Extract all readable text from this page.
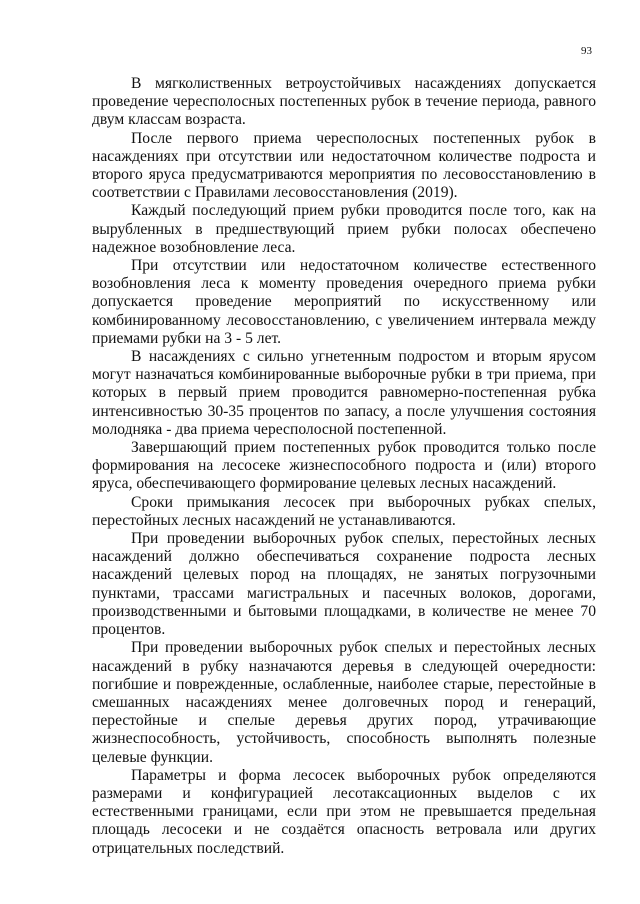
93

В мягколиственных ветроустойчивых насаждениях допускается проведение чересполосных постепенных рубок в течение периода, равного двум классам возраста.

После первого приема чересполосных постепенных рубок в насаждениях при отсутствии или недостаточном количестве подроста и второго яруса предусматриваются мероприятия по лесовосстановлению в соответствии с Правилами лесовосстановления (2019).

Каждый последующий прием рубки проводится после того, как на вырубленных в предшествующий прием рубки полосах обеспечено надежное возобновление леса.

При отсутствии или недостаточном количестве естественного возобновления леса к моменту проведения очередного приема рубки допускается проведение мероприятий по искусственному или комбинированному лесовосстановлению, с увеличением интервала между приемами рубки на 3 - 5 лет.

В насаждениях с сильно угнетенным подростом и вторым ярусом могут назначаться комбинированные выборочные рубки в три приема, при которых в первый прием проводится равномерно-постепенная рубка интенсивностью 30-35 процентов по запасу, а после улучшения состояния молодняка - два приема чересполосной постепенной.

Завершающий прием постепенных рубок проводится только после формирования на лесосеке жизнеспособного подроста и (или) второго яруса, обеспечивающего формирование целевых лесных насаждений.

Сроки примыкания лесосек при выборочных рубках спелых, перестойных лесных насаждений не устанавливаются.

При проведении выборочных рубок спелых, перестойных лесных насаждений должно обеспечиваться сохранение подроста лесных насаждений целевых пород на площадях, не занятых погрузочными пунктами, трассами магистральных и пасечных волоков, дорогами, производственными и бытовыми площадками, в количестве не менее 70 процентов.

При проведении выборочных рубок спелых и перестойных лесных насаждений в рубку назначаются деревья в следующей очередности: погибшие и поврежденные, ослабленные, наиболее старые, перестойные в смешанных насаждениях менее долговечных пород и генераций, перестойные и спелые деревья других пород, утрачивающие жизнеспособность, устойчивость, способность выполнять полезные целевые функции.

Параметры и форма лесосек выборочных рубок определяются размерами и конфигурацией лесотаксационных выделов с их естественными границами, если при этом не превышается предельная площадь лесосеки и не создаётся опасность ветровала или других отрицательных последствий.
